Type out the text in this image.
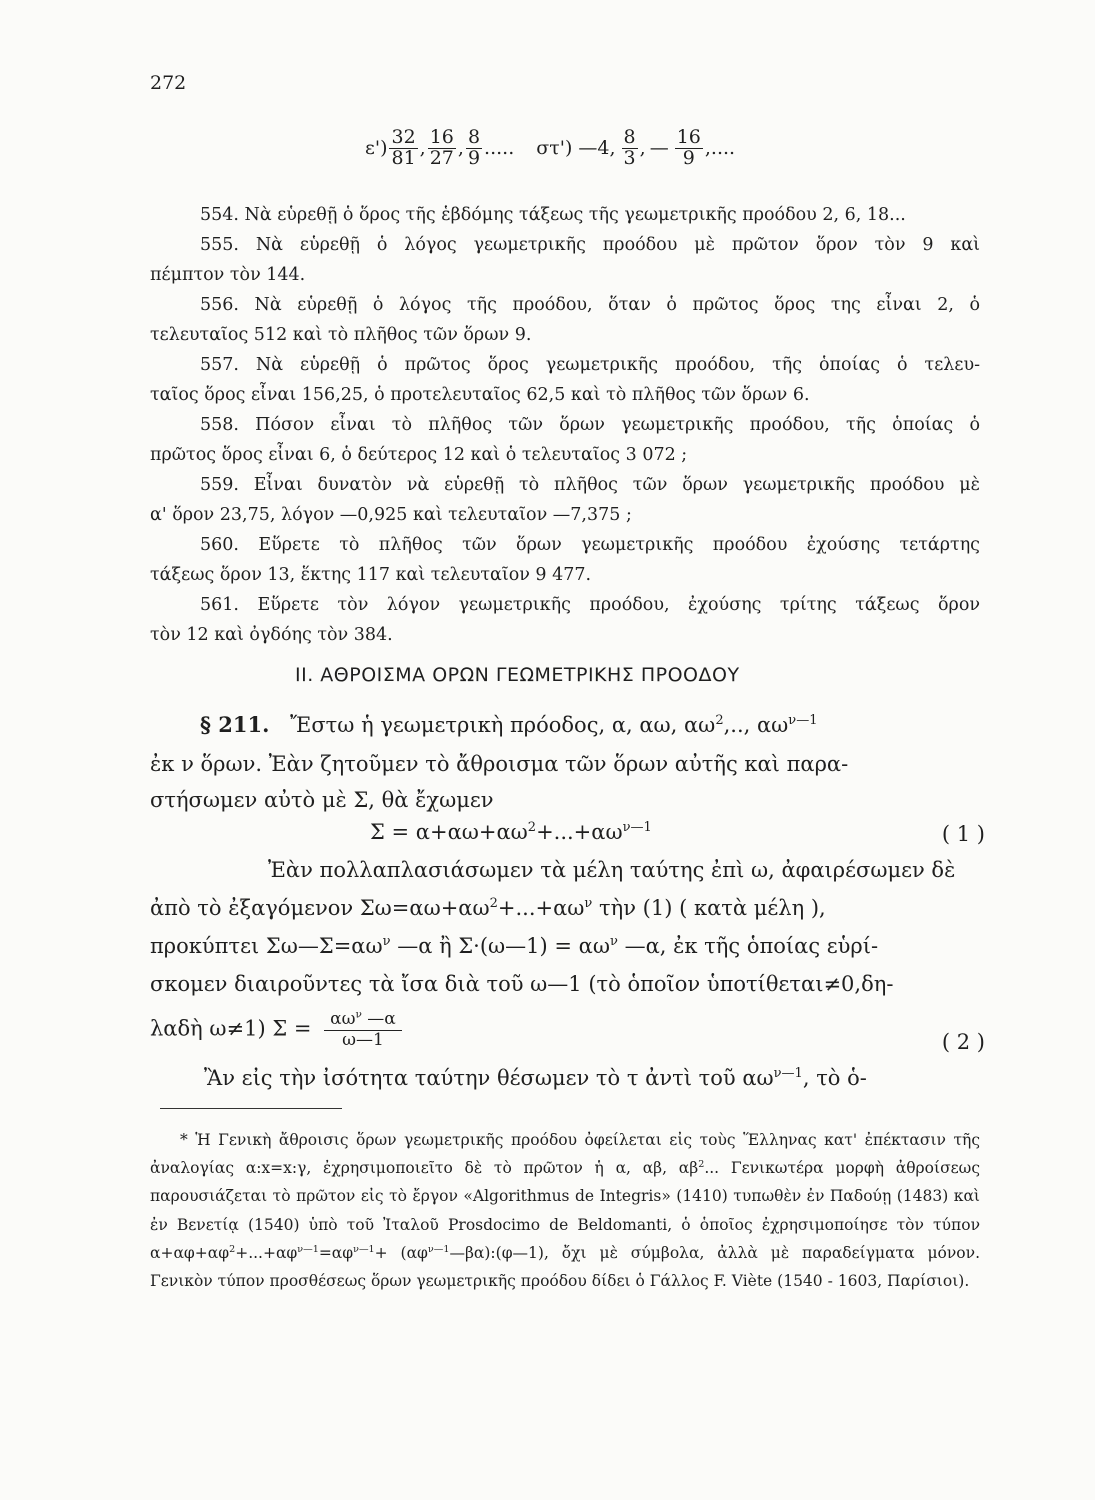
272
$\varepsilon') \frac{32}{81}$ , $\frac{16}{27}$ , $\frac{8}{9}$ ..... στ') —4, $\frac{8}{3}$ , — $\frac{16}{9}$ ,....
554. Νὰ εὑρεθῇ ὁ ὅρος τῆς ἑβδόμης τάξεως τῆς γεωμετρικῆς προόδου 2, 6, 18...
555. Νὰ εὑρεθῇ ὁ λόγος γεωμετρικῆς προόδου μὲ πρῶτον ὅρον τὸν 9 καὶ
πέμπτον τὸν 144.
556. Νὰ εὑρεθῇ ὁ λόγος τῆς προόδου, ὅταν ὁ πρῶτος ὅρος της εἶναι 2, ὁ
τελευταῖος 512 καὶ τὸ πλῆθος τῶν ὅρων 9.
557. Νὰ εὑρεθῇ ὁ πρῶτος ὅρος γεωμετρικῆς προόδου, τῆς ὁποίας ὁ τελευ-
ταῖος ὅρος εἶναι 156,25, ὁ προτελευταῖος 62,5 καὶ τὸ πλῆθος τῶν ὅρων 6.
558. Πόσον εἶναι τὸ πλῆθος τῶν ὅρων γεωμετρικῆς προόδου, τῆς ὁποίας ὁ
πρῶτος ὅρος εἶναι 6, ὁ δεύτερος 12 καὶ ὁ τελευταῖος 3 072 ;
559. Εἶναι δυνατὸν νὰ εὑρεθῇ τὸ πλῆθος τῶν ὅρων γεωμετρικῆς προόδου μὲ
α' ὅρον 23,75, λόγον —0,925 καὶ τελευταῖον —7,375 ;
560. Εὕρετε τὸ πλῆθος τῶν ὅρων γεωμετρικῆς προόδου ἐχούσης τετάρτης
τάξεως ὅρον 13, ἕκτης 117 καὶ τελευταῖον 9 477.
561. Εὕρετε τὸν λόγον γεωμετρικῆς προόδου, ἐχούσης τρίτης τάξεως ὅρον
τὸν 12 καὶ ὀγδόης τὸν 384.
ΙΙ. ΑΘΡΟΙΣΜΑ ΟΡΩΝ ΓΕΩΜΕΤΡΙΚΗΣ ΠΡΟΟΔΟΥ
§ 211. Ἔστω ἡ γεωμετρικὴ πρόοδος, α, αω, $\alpha\omega^2$,.., $\alpha\omega^{\nu—1}$
ἐκ ν ὅρων. Ἐὰν ζητοῦμεν τὸ ἄθροισμα τῶν ὅρων αὐτῆς καὶ παρα-
στήσωμεν αὐτὸ μὲ Σ, θὰ ἔχωμεν
$\Sigma = \alpha+\alpha\omega+\alpha\omega^2+...+\alpha\omega^{\nu—1}$	( 1 )
Ἐὰν πολλαπλασιάσωμεν τὰ μέλη ταύτης ἐπὶ ω, ἀφαιρέσωμεν δὲ
ἀπὸ τὸ ἐξαγόμενον $\Sigma\omega=\alpha\omega+\alpha\omega^2+...+\alpha\omega^\nu$ τὴν (1) ( κατὰ μέλη ),
προκύπτει $\Sigma\omega—\Sigma=\alpha\omega^\nu$ —α ἢ Σ·(ω—1) = $\alpha\omega^\nu$ —α, ἐκ τῆς ὁποίας εὑρί-
σκομεν διαιροῦντες τὰ ἴσα διὰ τοῦ ω—1 (τὸ ὁποῖον ὑποτίθεται≠0,δη-
λαδὴ ω≠1) $\Sigma = \frac{\alpha\omega^\nu —\alpha}{\omega—1}$	( 2 )
Ἂν εἰς τὴν ἰσότητα ταύτην θέσωμεν τὸ τ ἀντὶ τοῦ $\alpha\omega^{\nu—1}$, τὸ ὁ-
* Ἡ Γενικὴ ἄθροισις ὅρων γεωμετρικῆς προόδου ὀφείλεται εἰς τοὺς Ἕλληνας κατ' ἐπέκτασιν τῆς ἀναλογίας α:x=x:γ, ἐχρησιμοποιεῖτο δὲ τὸ πρῶτον ἡ α, αβ, $\alpha\beta^2$... Γενικωτέρα μορφὴ ἀθροίσεως παρουσιάζεται τὸ πρῶτον εἰς τὸ ἔργον «Algorithmus de Integris» (1410) τυπωθὲν ἐν Παδούῃ (1483) καὶ ἐν Βενετίᾳ (1540) ὑπὸ τοῦ Ἰταλοῦ Prosdocimo de Beldomanti, ὁ ὁποῖος ἐχρησιμοποίησε τὸν τύπον $\alpha+\alpha\varphi+\alpha\varphi^2+...+\alpha\varphi^{\nu—1}=\alpha\varphi^{\nu—1}+$ $(\alpha\varphi^{\nu—1}—\beta\alpha):(\varphi—1)$, ὄχι μὲ σύμβολα, ἀλλὰ μὲ παραδείγματα μόνον. Γενικὸν τύπον προσθέσεως ὅρων γεωμετρικῆς προόδου δίδει ὁ Γάλλος F. Viète (1540 - 1603, Παρίσιοι).
